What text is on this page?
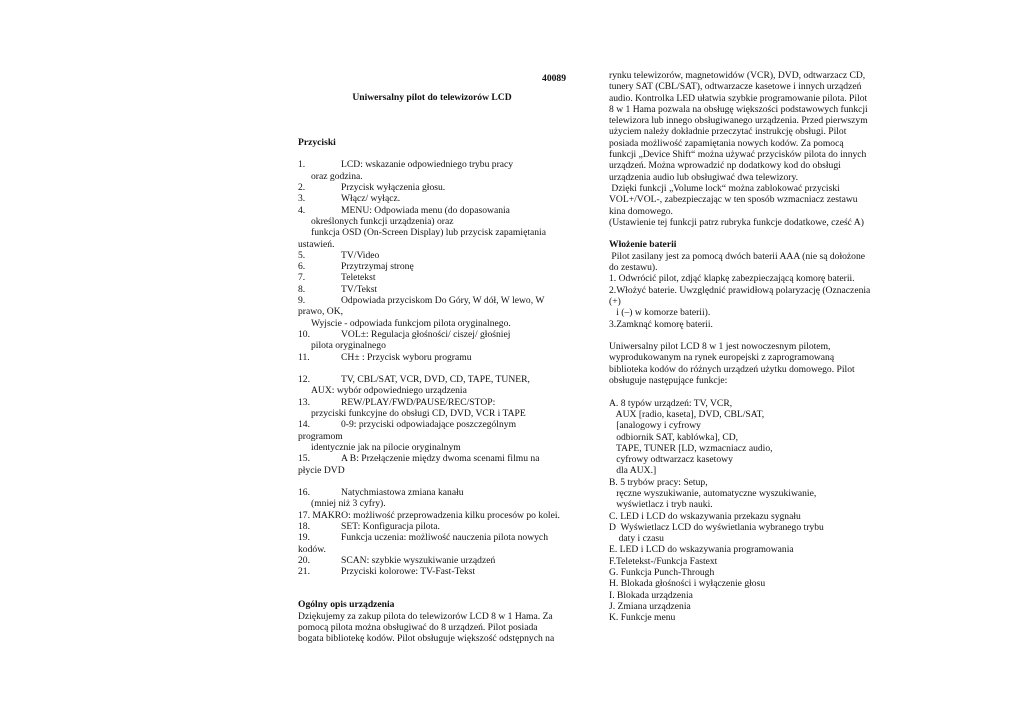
40089
Uniwersalny pilot do telewizorów LCD
Przyciski
1.	LCD: wskazanie odpowiedniego trybu pracy
oraz godzina.
2.	Przycisk wyłączenia głosu.
3.	Włącz/ wyłącz.
4.	MENU: Odpowiada menu (do dopasowania
określonych funkcji urządzenia) oraz
funkcja OSD (On-Screen Display) lub przycisk zapamiętania
ustawień.
5.	TV/Video
6.	Przytrzymaj stronę
7.	Teletekst
8.	TV/Tekst
9.	Odpowiada przyciskom Do Góry, W dół, W lewo, W
prawo, OK,
Wyjscie - odpowiada funkcjom pilota oryginalnego.
10.	VOL±: Regulacja głośności/ ciszej/ głośniej
pilota oryginalnego
11.	CH± : Przycisk wyboru programu
12.	TV, CBL/SAT, VCR, DVD, CD, TAPE, TUNER,
AUX: wybór odpowiedniego urządzenia
13.	REW/PLAY/FWD/PAUSE/REC/STOP:
przyciski funkcyjne do obsługi CD, DVD, VCR i TAPE
14.	0-9: przyciski odpowiadające poszczególnym
programom
identycznie jak na pilocie oryginalnym
15.	A B: Przełączenie między dwoma scenami filmu na
płycie DVD
16.	Natychmiastowa zmiana kanału
(mniej niż 3 cyfry).
17. MAKRO: możliwość przeprowadzenia kilku procesów po kolei.
18.	SET: Konfiguracja pilota.
19.	Funkcja uczenia: możliwość nauczenia pilota nowych
kodów.
20.	SCAN: szybkie wyszukiwanie urządzeń
21.	Przyciski kolorowe: TV-Fast-Tekst
Ogólny opis urządzenia
Dziękujemy za zakup pilota do telewizorów LCD 8 w 1 Hama. Za
pomocą pilota można obsługiwać do 8 urządzeń. Pilot posiada
bogata bibliotekę kodów. Pilot obsługuje większość odstępnych na
rynku telewizorów, magnetowidów (VCR), DVD, odtwarzacz CD,
tunery SAT (CBL/SAT), odtwarzacze kasetowe i innych urządzeń
audio. Kontrolka LED ułatwia szybkie programowanie pilota. Pilot
8 w 1 Hama pozwala na obsługę większości podstawowych funkcji
telewizora lub innego obsługiwanego urządzenia. Przed pierwszym
użyciem należy dokładnie przeczytać instrukcję obsługi. Pilot
posiada możliwość zapamiętania nowych kodów. Za pomocą
funkcji „Device Shift“ można używać przycisków pilota do innych
urządzeń. Można wprowadzić np dodatkowy kod do obsługi
urządzenia audio lub obsługiwać dwa telewizory.
Dzięki funkcji „Volume lock“ można zablokować przyciski
VOL+/VOL-, zabezpieczając w ten sposób wzmacniacz zestawu
kina domowego.
(Ustawienie tej funkcji patrz rubryka funkcje dodatkowe, cześć A)
Włożenie baterii
Pilot zasilany jest za pomocą dwóch baterii AAA (nie są dołożone
do zestawu).
1. Odwrócić pilot, zdjąć klapkę zabezpieczającą komorę baterii.
2.Włożyć baterie. Uwzględnić prawidłową polaryzację (Oznaczenia
(+)
i (–) w komorze baterii).
3.Zamknąć komorę baterii.
Uniwersalny pilot LCD 8 w 1 jest nowoczesnym pilotem,
wyprodukowanym na rynek europejski z zaprogramowaną
biblioteka kodów do różnych urządzeń użytku domowego. Pilot
obsługuje następujące funkcje:
A. 8 typów urządzeń: TV, VCR,
AUX [radio, kaseta], DVD, CBL/SAT,
[analogowy i cyfrowy
odbiornik SAT, kablówka], CD,
TAPE, TUNER [LD, wzmacniacz audio,
cyfrowy odtwarzacz kasetowy
dla AUX.]
B. 5 trybów pracy: Setup,
ręczne wyszukiwanie, automatyczne wyszukiwanie,
wyświetlacz i tryb nauki.
C. LED i LCD do wskazywania przekazu sygnału
D  Wyświetlacz LCD do wyświetlania wybranego trybu
daty i czasu
E. LED i LCD do wskazywania programowania
F.Teletekst-/Funkcja Fastext
G. Funkcja Punch-Through
H. Blokada głośności i wyłączenie głosu
I. Blokada urządzenia
J. Zmiana urządzenia
K. Funkcje menu
